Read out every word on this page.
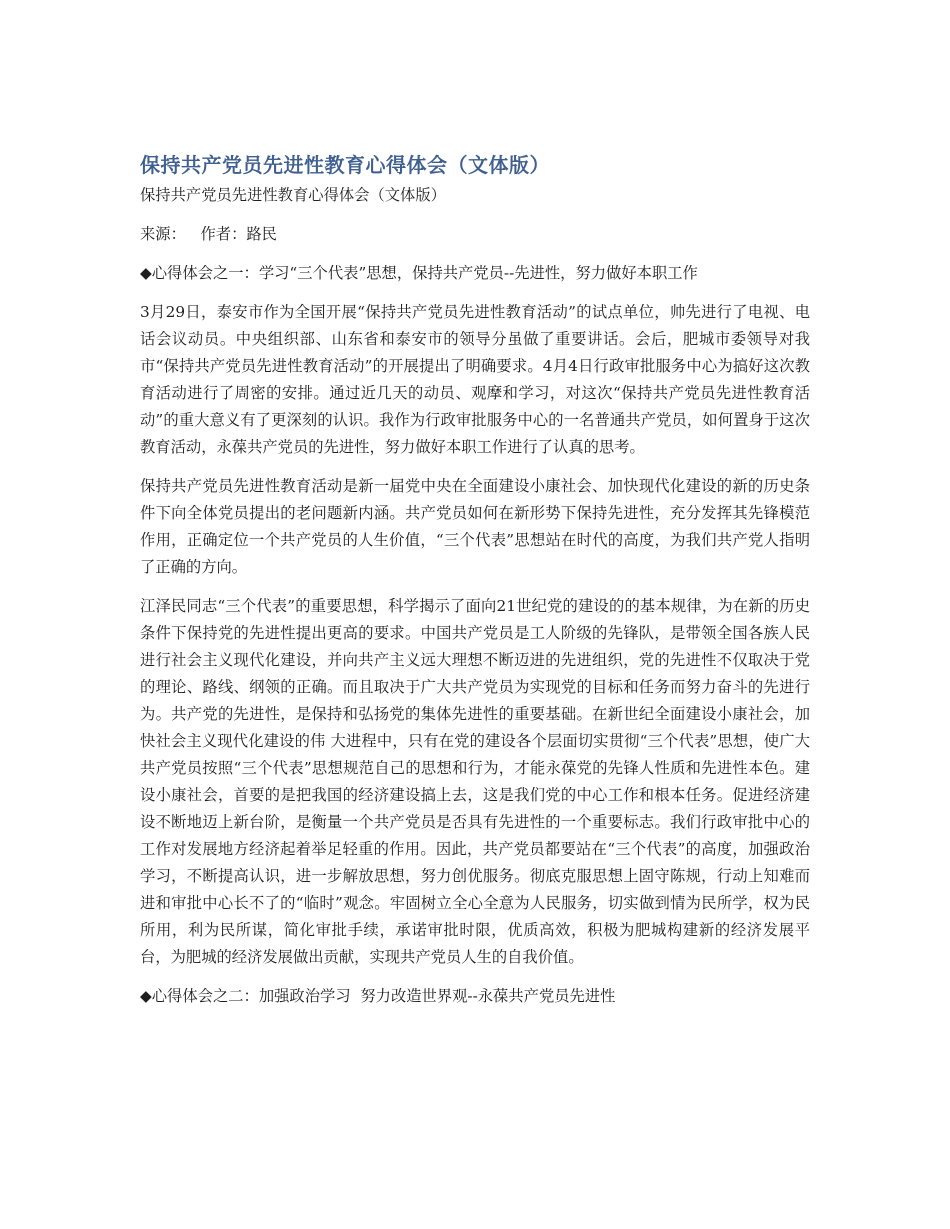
保持共产党员先进性教育心得体会（文体版）

保持共产党员先进性教育心得体会（文体版）

来源：   作者：路民

◆心得体会之一：学习“三个代表”思想，保持共产党员--先进性，努力做好本职工作

3月29日，泰安市作为全国开展“保持共产党员先进性教育活动”的试点单位，帅先进行了电视、电话会议动员。中央组织部、山东省和泰安市的领导分虽做了重要讲话。会后，肥城市委领导对我市“保持共产党员先进性教育活动”的开展提出了明确要求。4月4日行政审批服务中心为搞好这次教育活动进行了周密的安排。通过近几天的动员、观摩和学习，对这次“保持共产党员先进性教育活动”的重大意义有了更深刻的认识。我作为行政审批服务中心的一名普通共产党员，如何置身于这次教育活动，永葆共产党员的先进性，努力做好本职工作进行了认真的思考。

保持共产党员先进性教育活动是新一届党中央在全面建设小康社会、加快现代化建设的新的历史条件下向全体党员提出的老问题新内涵。共产党员如何在新形势下保持先进性，充分发挥其先锋模范作用，正确定位一个共产党员的人生价值，“三个代表”思想站在时代的高度，为我们共产党人指明了正确的方向。

江泽民同志“三个代表”的重要思想，科学揭示了面向21世纪党的建设的的基本规律，为在新的历史条件下保持党的先进性提出更高的要求。中国共产党员是工人阶级的先锋队，是带领全国各族人民进行社会主义现代化建设，并向共产主义远大理想不断迈进的先进组织，党的先进性不仅取决于党的理论、路线、纲领的正确。而且取决于广大共产党员为实现党的目标和任务而努力奋斗的先进行为。共产党的先进性，是保持和弘扬党的集体先进性的重要基础。在新世纪全面建设小康社会，加快社会主义现代化建设的伟 大进程中，只有在党的建设各个层面切实贯彻“三个代表”思想，使广大共产党员按照“三个代表”思想规范自己的思想和行为，才能永葆党的先锋人性质和先进性本色。建设小康社会，首要的是把我国的经济建设搞上去，这是我们党的中心工作和根本任务。促进经济建设不断地迈上新台阶，是衡量一个共产党员是否具有先进性的一个重要标志。我们行政审批中心的工作对发展地方经济起着举足轻重的作用。因此，共产党员都要站在“三个代表”的高度，加强政治学习，不断提高认识，进一步解放思想，努力创优服务。彻底克服思想上固守陈规，行动上知难而进和审批中心长不了的“临时”观念。牢固树立全心全意为人民服务，切实做到情为民所学，权为民所用，利为民所谋，简化审批手续，承诺审批时限，优质高效，积极为肥城构建新的经济发展平台，为肥城的经济发展做出贡献，实现共产党员人生的自我价值。

◆心得体会之二：加强政治学习  努力改造世界观--永葆共产党员先进性
